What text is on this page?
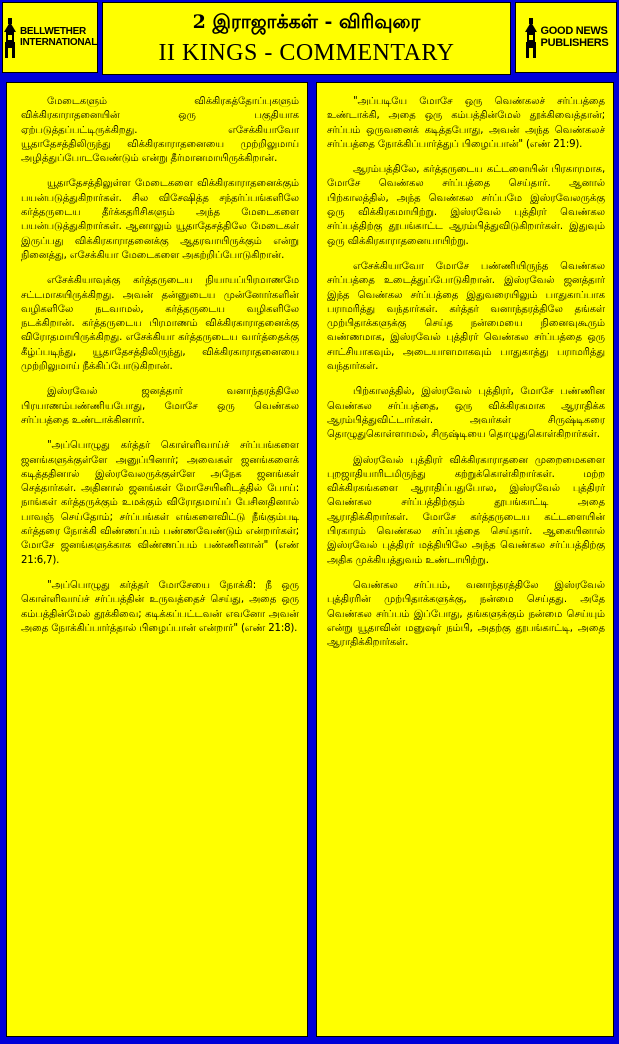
BELLWETHER
INTERNATIONAL
2 இராஜாக்கள் - விரிவுரை
II KINGS - COMMENTARY
GOOD NEWS
PUBLISHERS

மேடைகளும் விக்கிரகத்தோப்புகளும் விக்கிரகாராதனையின் ஒரு பகுதியாக ஏற்படுத்தப்பட்டிருக்கிறது. எசேக்கியாவோ யூதாதேசத்திலிருந்து விக்கிரகாராதனையை முற்றிலுமாய் அழித்துப்போடவேண்டும் என்று தீர்மானமாயிருக்கிறான்.

யூதாதேசத்திலுள்ள மேடைகளை விக்கிரகாராதனைக்கும் பயன்படுத்துகிறார்கள். சில விசேஷித்த சந்தர்ப்பங்களிலே கர்த்தருடைய தீர்க்கதரிசிகளும் அந்த மேடைகளை பயன்படுத்துகிறார்கள். ஆனாலும் யூதாதேசத்திலே மேடைகள் இருப்பது விக்கிரகாராதனைக்கு ஆதரவாயிருக்கும் என்று நினைத்து, எசேக்கியா மேடைகளை அகற்றிப்போடுகிறான்.

எசேக்கியாவுக்கு கர்த்தருடைய நியாயப்பிரமாணமே சட்டமாகயிருக்கிறது. அவன் தன்னுடைய முன்னோர்களின் வழிகளிலே நடவாமல், கர்த்தருடைய வழிகளிலே நடக்கிறான். கர்த்தருடைய பிரமாணம் விக்கிரகாராதனைக்கு விரோதமாயிருக்கிறது. எசேக்கியா கர்த்தருடைய வார்த்தைக்கு கீழ்ப்படிந்து, யூதாதேசத்திலிருந்து, விக்கிரகாராதனையை முற்றிலுமாய் நீக்கிப்போடுகிறான்.

இஸ்ரவேல் ஜனத்தார் வனாந்தரத்திலே பிரயாணம்பண்ணியபோது, மோசே ஒரு வெண்கல சர்ப்பத்தை உண்டாக்கினார்.

"அப்பொழுது கர்த்தர் கொள்ளிவாய்ச் சர்ப்பங்களை ஜனங்களுக்குள்ளே அனுப்பினார்; அவைகள் ஜனங்களைக் கடித்ததினால் இஸ்ரவேலருக்குள்ளே அநேக ஜனங்கள் செத்தார்கள். அதினால் ஜனங்கள் மோசேயினிடத்தில் போய்: நாங்கள் கர்த்தருக்கும் உமக்கும் விரோதமாய்ப் பேசினதினால் பாவஞ் செய்தோம்; சர்ப்பங்கள் எங்களைவிட்டு நீங்கும்படி கர்த்தரை நோக்கி விண்ணப்பம் பண்ணவேண்டும் என்றார்கள்; மோசே ஜனங்களுக்காக விண்ணப்பம் பண்ணினான்" (எண் 21:6,7).

"அப்பொழுது கர்த்தர் மோசேயை நோக்கி: நீ ஒரு கொள்ளிவாய்ச் சர்ப்பத்தின் உருவத்தைச் செய்து, அதை ஒரு கம்பத்தின்மேல் தூக்கிவை; கடிக்கப்பட்டவன் எவனோ அவன் அதை நோக்கிப்பார்த்தால் பிழைப்பான் என்றார்" (எண் 21:8).

"அப்படியே மோசே ஒரு வெண்கலச் சர்ப்பத்தை உண்டாக்கி, அதை ஒரு கம்பத்தின்மேல் தூக்கிவைத்தான்; சர்ப்பம் ஒருவனைக் கடித்தபோது, அவன் அந்த வெண்கலச் சர்ப்பத்தை நோக்கிப்பார்த்துப் பிழைப்பான்" (எண் 21:9).

ஆரம்பத்திலே, கர்த்தருடைய கட்டளையின் பிரகாரமாக, மோசே வெண்கல சர்ப்பத்தை செய்தார். ஆனால் பிற்காலத்தில், அந்த வெண்கல சர்ப்பமே இஸ்ரவேலருக்கு ஒரு விக்கிரகமாயிற்று. இஸ்ரவேல் புத்திரர் வெண்கல சர்ப்பத்திற்கு தூபங்காட்ட ஆரம்பித்துவிடுகிறார்கள். இதுவும் ஒரு விக்கிரகாராதனையாயிற்று.

எசேக்கியாவோ மோசே பண்ணியிருந்த வெண்கல சர்ப்பத்தை உடைத்துப்போடுகிறான். இஸ்ரவேல் ஜனத்தார் இந்த வெண்கல சர்ப்பத்தை இதுவரையிலும் பாதுகாப்பாக பராமரித்து வந்தார்கள். கர்த்தர் வனாந்தரத்திலே தங்கள் முற்பிதாக்களுக்கு செய்த நன்மையை நினைவுகூரும் வண்ணமாக, இஸ்ரவேல் புத்திரர் வெண்கல சர்ப்பத்தை ஒரு சாட்சியாகவும், அடையாளமாகவும் பாதுகாத்து பராமரித்து வந்தார்கள்.

பிற்காலத்தில், இஸ்ரவேல் புத்திரர், மோசே பண்ணின வெண்கல சர்ப்பத்தை, ஒரு விக்கிரகமாக ஆராதிக்க ஆரம்பித்துவிட்டார்கள். அவர்கள் சிருஷ்டிகரை தொழுதுகொள்ளாமல், சிருஷ்டியை தொழுதுகொள்கிறார்கள்.

இஸ்ரவேல் புத்திரர் விக்கிரகாராதனை முறைமைகளை புறஜாதியாரிடமிருந்து கற்றுக்கொள்கிறார்கள். மற்ற விக்கிரகங்களை ஆராதிப்பதுபோல, இஸ்ரவேல் புத்திரர் வெண்கல சர்ப்பத்திற்கும் தூபங்காட்டி அதை ஆராதிக்கிறார்கள். மோசே கர்த்தருடைய கட்டளையின் பிரகாரம் வெண்கல சர்ப்பத்தை செய்தார். ஆகையினால் இஸ்ரவேல் புத்திரர் மத்தியிலே அந்த வெண்கல சர்ப்பத்திற்கு அதிக முக்கியத்துவம் உண்டாயிற்று.

வெண்கல சர்ப்பம், வனாந்தரத்திலே இஸ்ரவேல் புத்திரரின் முற்பிதாக்களுக்கு, நன்மை செய்தது. அதே வெண்கல சர்ப்பம் இப்போது, தங்களுக்கும் நன்மை செய்யும் என்று யூதாவின் மனுஷர் நம்பி, அதற்கு தூபங்காட்டி, அதை ஆராதிக்கிறார்கள்.
